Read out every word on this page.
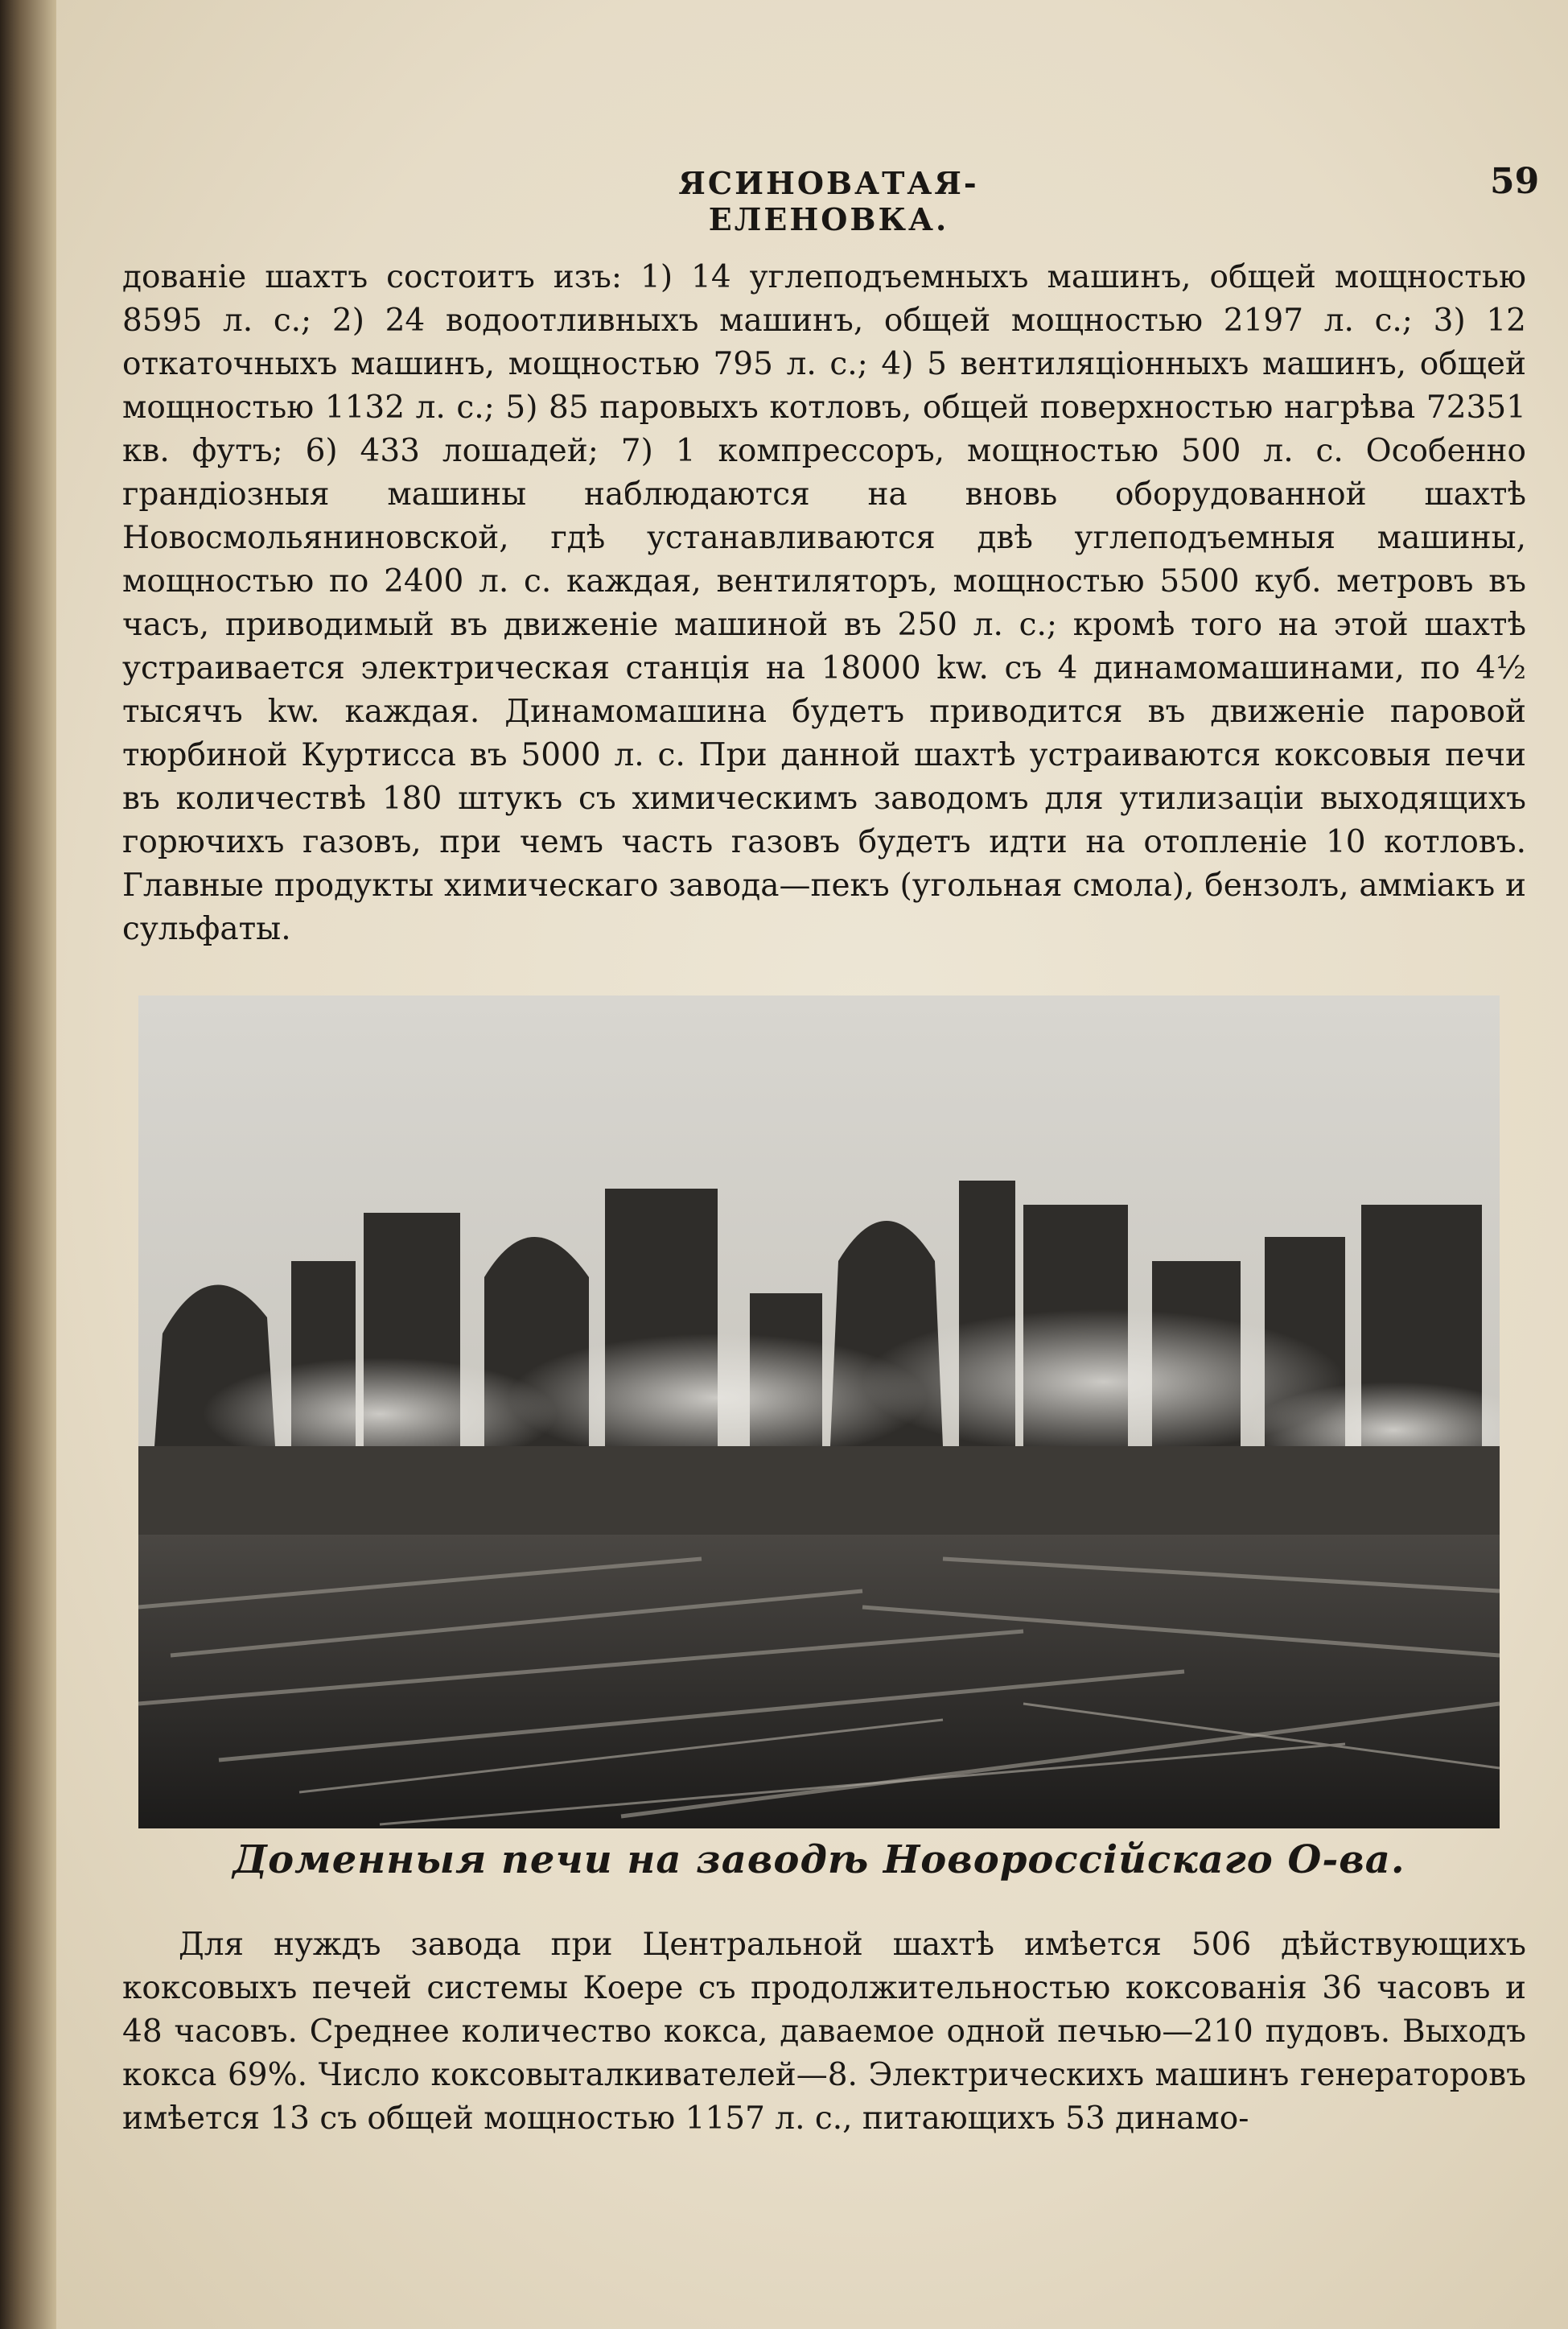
ЯСИНОВАТАЯ-ЕЛЕНОВКА.
59

дованіе шахтъ состоитъ изъ: 1) 14 углеподъемныхъ машинъ, общей мощностью 8595 л. с.; 2) 24 водоотливныхъ машинъ, общей мощностью 2197 л. с.; 3) 12 откаточныхъ машинъ, мощностью 795 л. с.; 4) 5 вентиляціонныхъ машинъ, общей мощностью 1132 л. с.; 5) 85 паровыхъ котловъ, общей поверхностью нагрѣва 72351 кв. футъ; 6) 433 лошадей; 7) 1 компрессоръ, мощностью 500 л. с. Особенно грандіозныя машины наблюдаются на вновь оборудованной шахтѣ Новосмольяниновской, гдѣ устанавливаются двѣ углеподъемныя машины, мощностью по 2400 л. с. каждая, вентиляторъ, мощностью 5500 куб. метровъ въ часъ, приводимый въ движеніе машиной въ 250 л. с.; кромѣ того на этой шахтѣ устраивается электрическая станція на 18000 kw. съ 4 динамомашинами, по 4½ тысячъ kw. каждая. Динамомашина будетъ приводится въ движеніе паровой тюрбиной Куртисса въ 5000 л. с. При данной шахтѣ устраиваются коксовыя печи въ количествѣ 180 штукъ съ химическимъ заводомъ для утилизаціи выходящихъ горючихъ газовъ, при чемъ часть газовъ будетъ идти на отопленіе 10 котловъ. Главные продукты химическаго завода—пекъ (угольная смола), бензолъ, аммiакъ и сульфаты.

Доменныя печи на заводѣ Новороссійскаго О-ва.

Для нуждъ завода при Центральной шахтѣ имѣется 506 дѣйствующихъ коксовыхъ печей системы Коере съ продолжительностью коксованія 36 часовъ и 48 часовъ. Среднее количество кокса, даваемое одной печью—210 пудовъ. Выходъ кокса 69%. Число коксовыталкивателей—8. Электрическихъ машинъ генераторовъ имѣется 13 съ общей мощностью 1157 л. с., питающихъ 53 динамо-
